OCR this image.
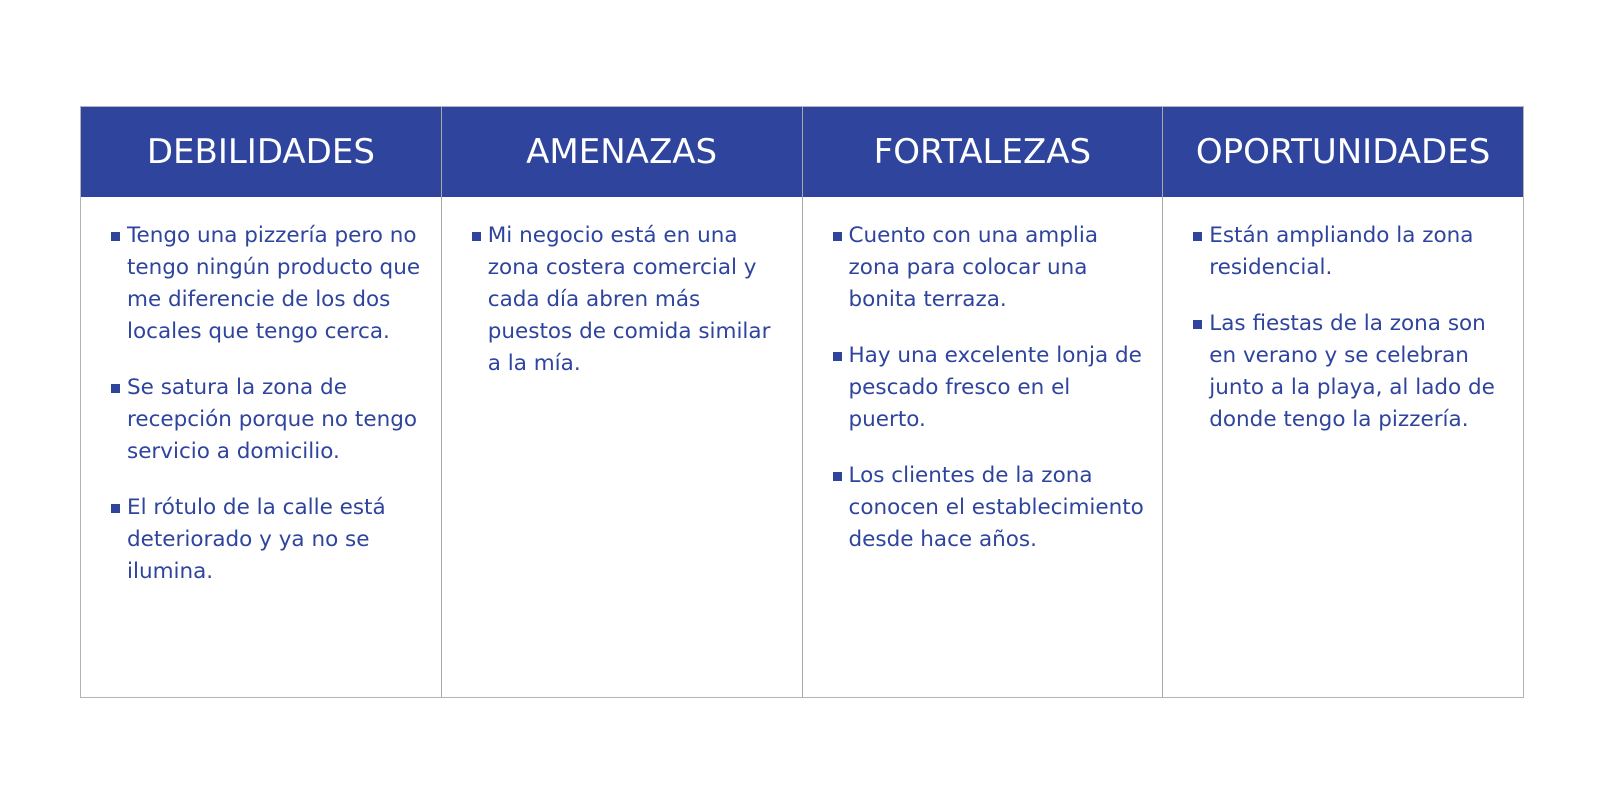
DEBILIDADES
Tengo una pizzería pero no tengo ningún producto que me diferencie de los dos locales que tengo cerca.
Se satura la zona de recepción porque no tengo servicio a domicilio.
El rótulo de la calle está deteriorado y ya no se ilumina.
AMENAZAS
Mi negocio está en una zona costera comercial y cada día abren más puestos de comida similar a la mía.
FORTALEZAS
Cuento con una amplia zona para colocar una bonita terraza.
Hay una excelente lonja de pescado fresco en el puerto.
Los clientes de la zona conocen el establecimiento desde hace años.
OPORTUNIDADES
Están ampliando la zona residencial.
Las fiestas de la zona son en verano y se celebran junto a la playa, al lado de donde tengo la pizzería.
